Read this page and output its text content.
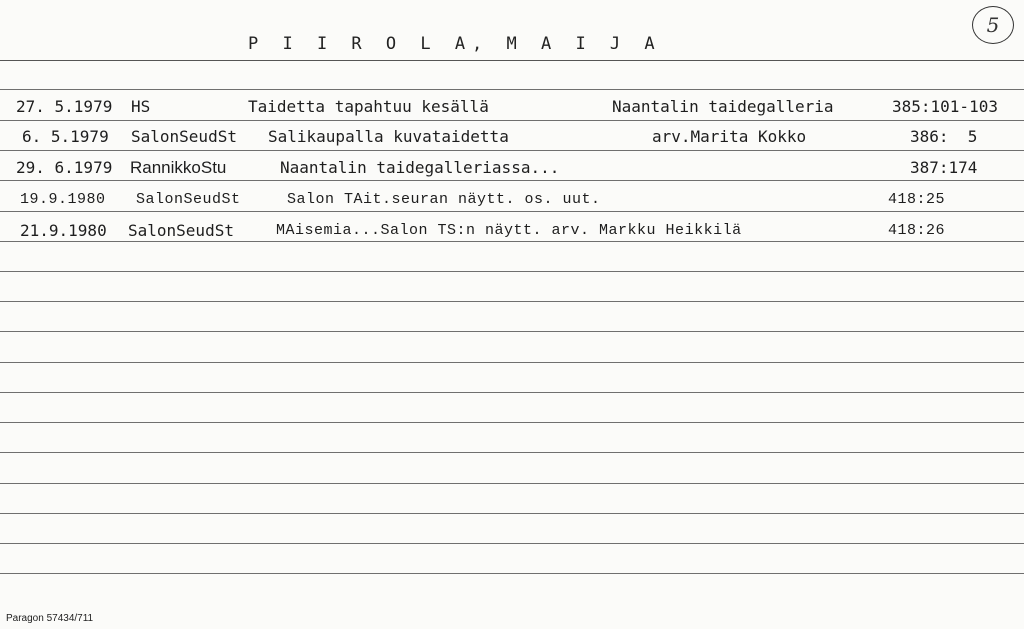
P I I R O L A, M A I J A
5
27. 5.1979 HS	Taidetta tapahtuu kesällä	Naantalin taidegalleria	385:101-103
6. 5.1979 SalonSeudSt Salikaupalla kuvataidetta	arv.Marita Kokko	386:  5
29. 6.1979 RannikkoStu	Naantalin taidegalleriassa...	387:174
19.9.1980 SalonSeudSt	Salon TAit.seuran näytt. os. uut.	418:25
21.9.1980 SalonSeudSt	MAisemia...Salon TS:n näytt. arv. Markku Heikkilä	418:26
Paragon 57434/711
